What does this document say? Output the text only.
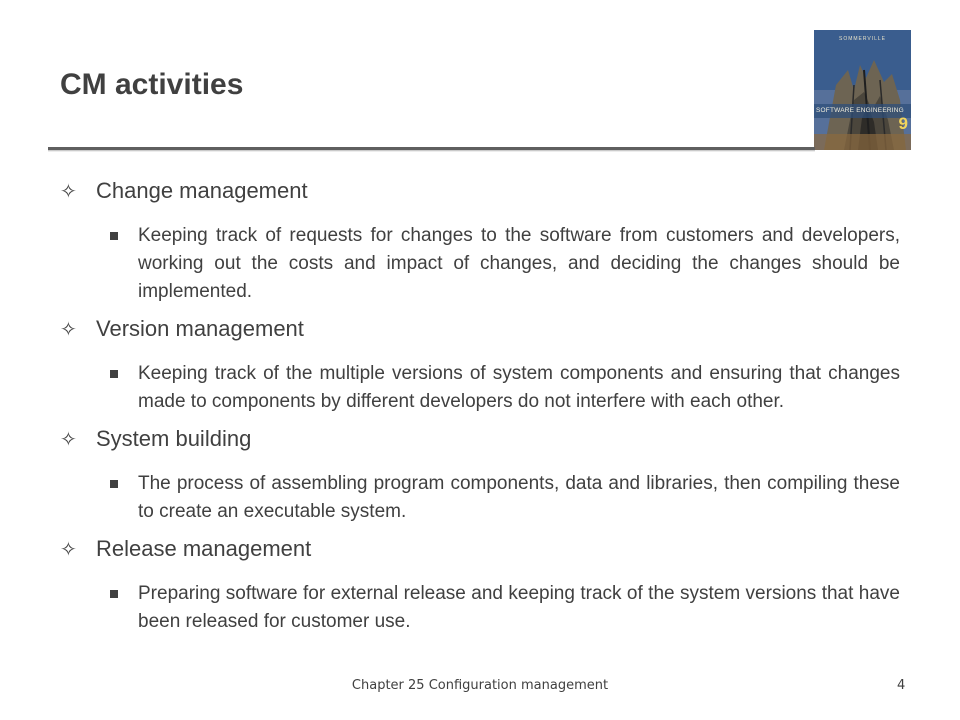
CM activities
SOMMERVILLE
SOFTWARE ENGINEERING
9
✧ Change management
Keeping track of requests for changes to the software from customers and developers, working out the costs and impact of changes, and deciding the changes should be implemented.
✧ Version management
Keeping track of the multiple versions of system components and ensuring that changes made to components by different developers do not interfere with each other.
✧ System building
The process of assembling program components, data and libraries, then compiling these to create an executable system.
✧ Release management
Preparing software for external release and keeping track of the system versions that have been released for customer use.
Chapter 25 Configuration management	4
